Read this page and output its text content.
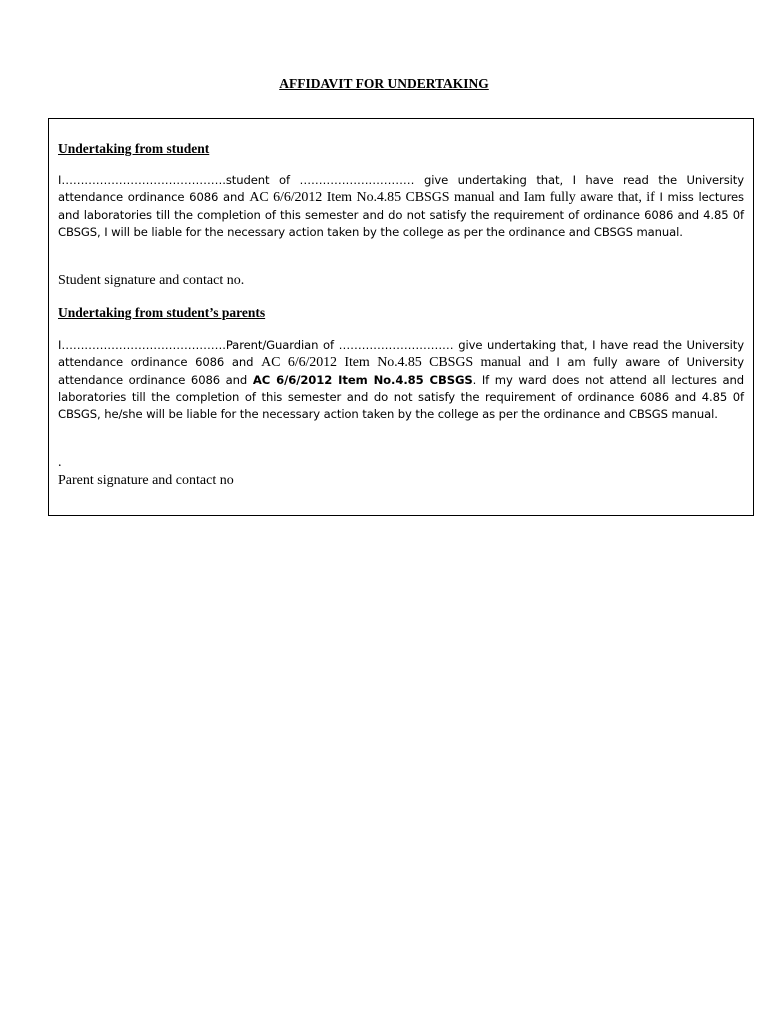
AFFIDAVIT FOR UNDERTAKING
Undertaking from student
I…………………………………….student of ………………………… give undertaking that, I have read the University attendance ordinance 6086 and AC 6/6/2012 Item No.4.85 CBSGS manual and Iam fully aware that, if I miss lectures and laboratories till the completion of this semester and do not satisfy the requirement of ordinance 6086 and 4.85 0f CBSGS, I will be liable for the necessary action taken by the college as per the ordinance and CBSGS manual.
Student signature and contact no.
Undertaking from student’s parents
I…………………………………….Parent/Guardian of ………………………… give undertaking that, I have read the University attendance ordinance 6086 and AC 6/6/2012 Item No.4.85 CBSGS manual and I am fully aware of University attendance ordinance 6086 and AC 6/6/2012 Item No.4.85 CBSGS. If my ward does not attend all lectures and laboratories till the completion of this semester and do not satisfy the requirement of ordinance 6086 and 4.85 0f CBSGS, he/she will be liable for the necessary action taken by the college as per the ordinance and CBSGS manual.
.
Parent signature and contact no
